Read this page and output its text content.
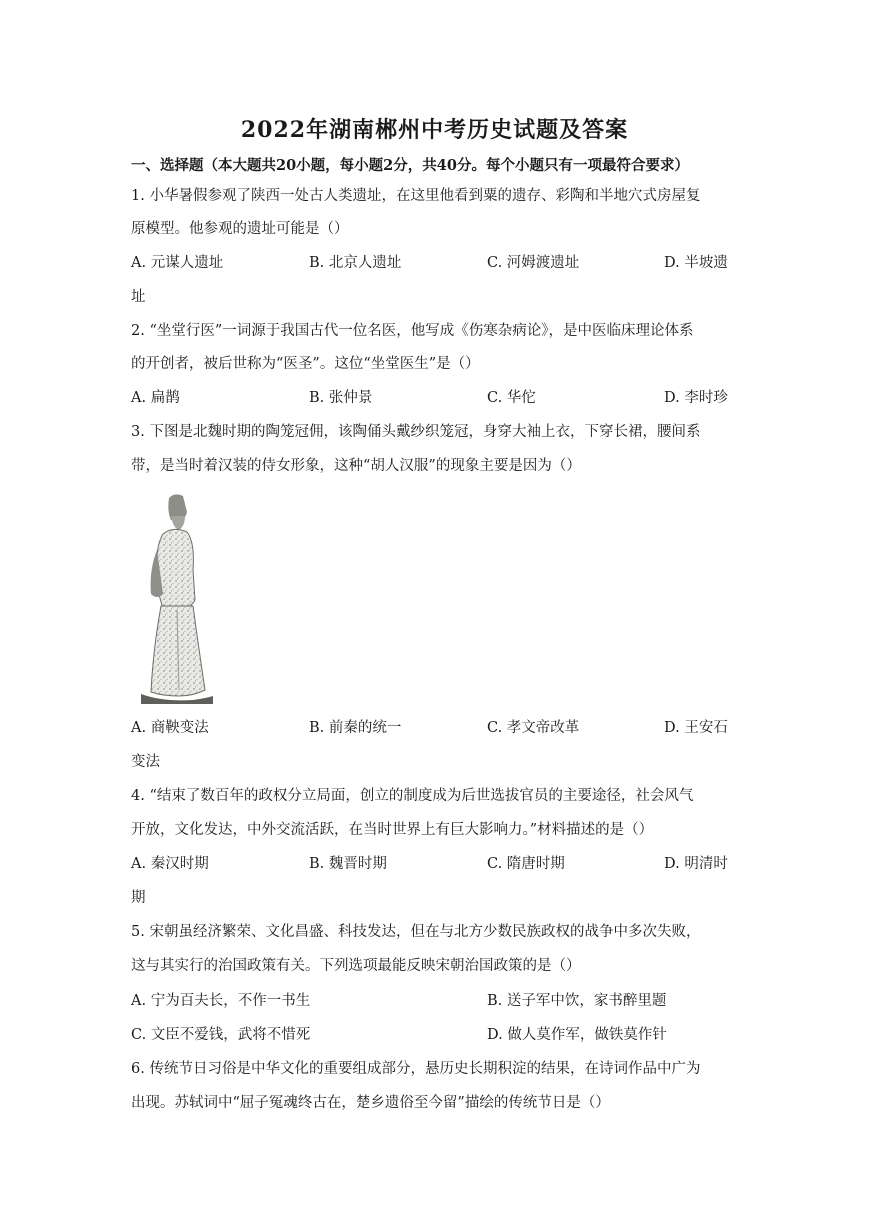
2022年湖南郴州中考历史试题及答案
一、选择题（本大题共20小题，每小题2分，共40分。每个小题只有一项最符合要求）
1. 小华暑假参观了陕西一处古人类遗址，在这里他看到粟的遗存、彩陶和半地穴式房屋复
原模型。他参观的遗址可能是（）
A. 元谋人遗址	B. 北京人遗址	C. 河姆渡遗址	D. 半坡遗
址
2. “坐堂行医”一词源于我国古代一位名医，他写成《伤寒杂病论》，是中医临床理论体系
的开创者，被后世称为“医圣”。这位“坐堂医生”是（）
A. 扁鹊	B. 张仲景	C. 华佗	D. 李时珍
3. 下图是北魏时期的陶笼冠佣，该陶俑头戴纱织笼冠，身穿大袖上衣，下穿长裙，腰间系
带，是当时着汉装的侍女形象，这种“胡人汉服”的现象主要是因为（）
A. 商鞅变法	B. 前秦的统一	C. 孝文帝改革	D. 王安石
变法
4. “结束了数百年的政权分立局面，创立的制度成为后世选拔官员的主要途径，社会风气
开放，文化发达，中外交流活跃，在当时世界上有巨大影响力。”材料描述的是（）
A. 秦汉时期	B. 魏晋时期	C. 隋唐时期	D. 明清时
期
5. 宋朝虽经济繁荣、文化昌盛、科技发达，但在与北方少数民族政权的战争中多次失败，
这与其实行的治国政策有关。下列选项最能反映宋朝治国政策的是（）
A. 宁为百夫长，不作一书生	B. 送子军中饮，家书醉里题
C. 文臣不爱钱，武将不惜死	D. 做人莫作军，做铁莫作针
6. 传统节日习俗是中华文化的重要组成部分，悬历史长期积淀的结果，在诗词作品中广为
出现。苏轼词中“屈子冤魂终古在，楚乡遗俗至今留”描绘的传统节日是（）
